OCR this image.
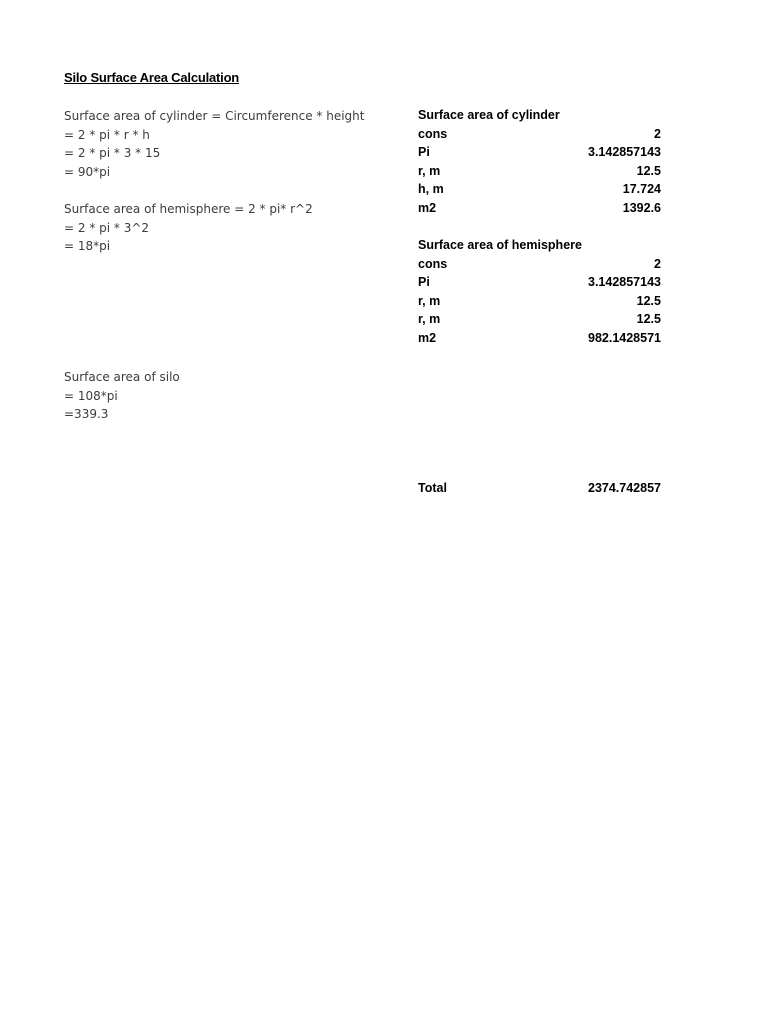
Silo Surface Area Calculation
Surface area of cylinder = Circumference * height
= 2 * pi * r * h
= 2 * pi * 3 * 15
= 90*pi
Surface area of hemisphere = 2 * pi* r^2
= 2 * pi * 3^2
= 18*pi
Surface area of silo
= 108*pi
=339.3
Surface area of cylinder
cons	2
Pi	3.142857143
r, m	12.5
h, m	17.724
m2	1392.6
Surface area of hemisphere
cons	2
Pi	3.142857143
r, m	12.5
r, m	12.5
m2	982.1428571
Total	2374.742857
